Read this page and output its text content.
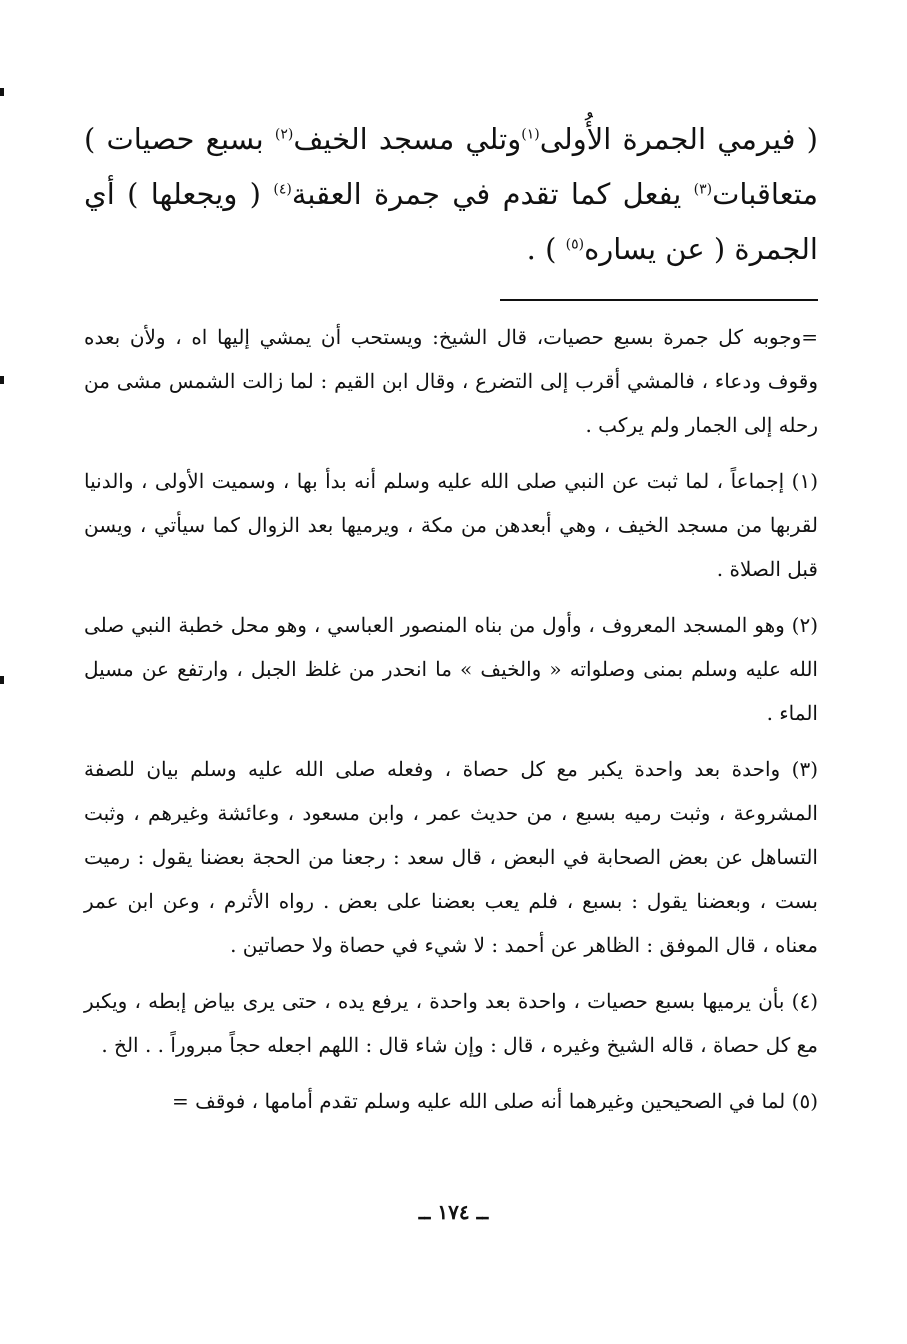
( فيرمي الجمرة الأُولى$^{(١)}$وتلي مسجد الخيف$^{(٢)}$ بسبع حصيات ) متعاقبات$^{(٣)}$ يفعل كما تقدم في جمرة العقبة$^{(٤)}$ ( ويجعلها ) أي الجمرة ( عن يساره$^{(٥)}$ ) .

=وجوبه كل جمرة بسبع حصيات، قال الشيخ: ويستحب أن يمشي إليها اه ، ولأن بعده وقوف ودعاء ، فالمشي أقرب إلى التضرع ، وقال ابن القيم : لما زالت الشمس مشى من رحله إلى الجمار ولم يركب .

(١) إجماعاً ، لما ثبت عن النبي صلى الله عليه وسلم أنه بدأ بها ، وسميت الأولى ، والدنيا لقربها من مسجد الخيف ، وهي أبعدهن من مكة ، ويرميها بعد الزوال كما سيأتي ، ويسن قبل الصلاة .

(٢) وهو المسجد المعروف ، وأول من بناه المنصور العباسي ، وهو محل خطبة النبي صلى الله عليه وسلم بمنى وصلواته « والخيف » ما انحدر من غلظ الجبل ، وارتفع عن مسيل الماء .

(٣) واحدة بعد واحدة يكبر مع كل حصاة ، وفعله صلى الله عليه وسلم بيان للصفة المشروعة ، وثبت رميه بسبع ، من حديث عمر ، وابن مسعود ، وعائشة وغيرهم ، وثبت التساهل عن بعض الصحابة في البعض ، قال سعد : رجعنا من الحجة بعضنا يقول : رميت بست ، وبعضنا يقول : بسبع ، فلم يعب بعضنا على بعض . رواه الأثرم ، وعن ابن عمر معناه ، قال الموفق : الظاهر عن أحمد : لا شيء في حصاة ولا حصاتين .

(٤) بأن يرميها بسبع حصيات ، واحدة بعد واحدة ، يرفع يده ، حتى يرى بياض إبطه ، ويكبر مع كل حصاة ، قاله الشيخ وغيره ، قال : وإن شاء قال : اللهم اجعله حجاً مبروراً . . الخ .

(٥) لما في الصحيحين وغيرهما أنه صلى الله عليه وسلم تقدم أمامها ، فوقف =

ــ ١٧٤ ــ
